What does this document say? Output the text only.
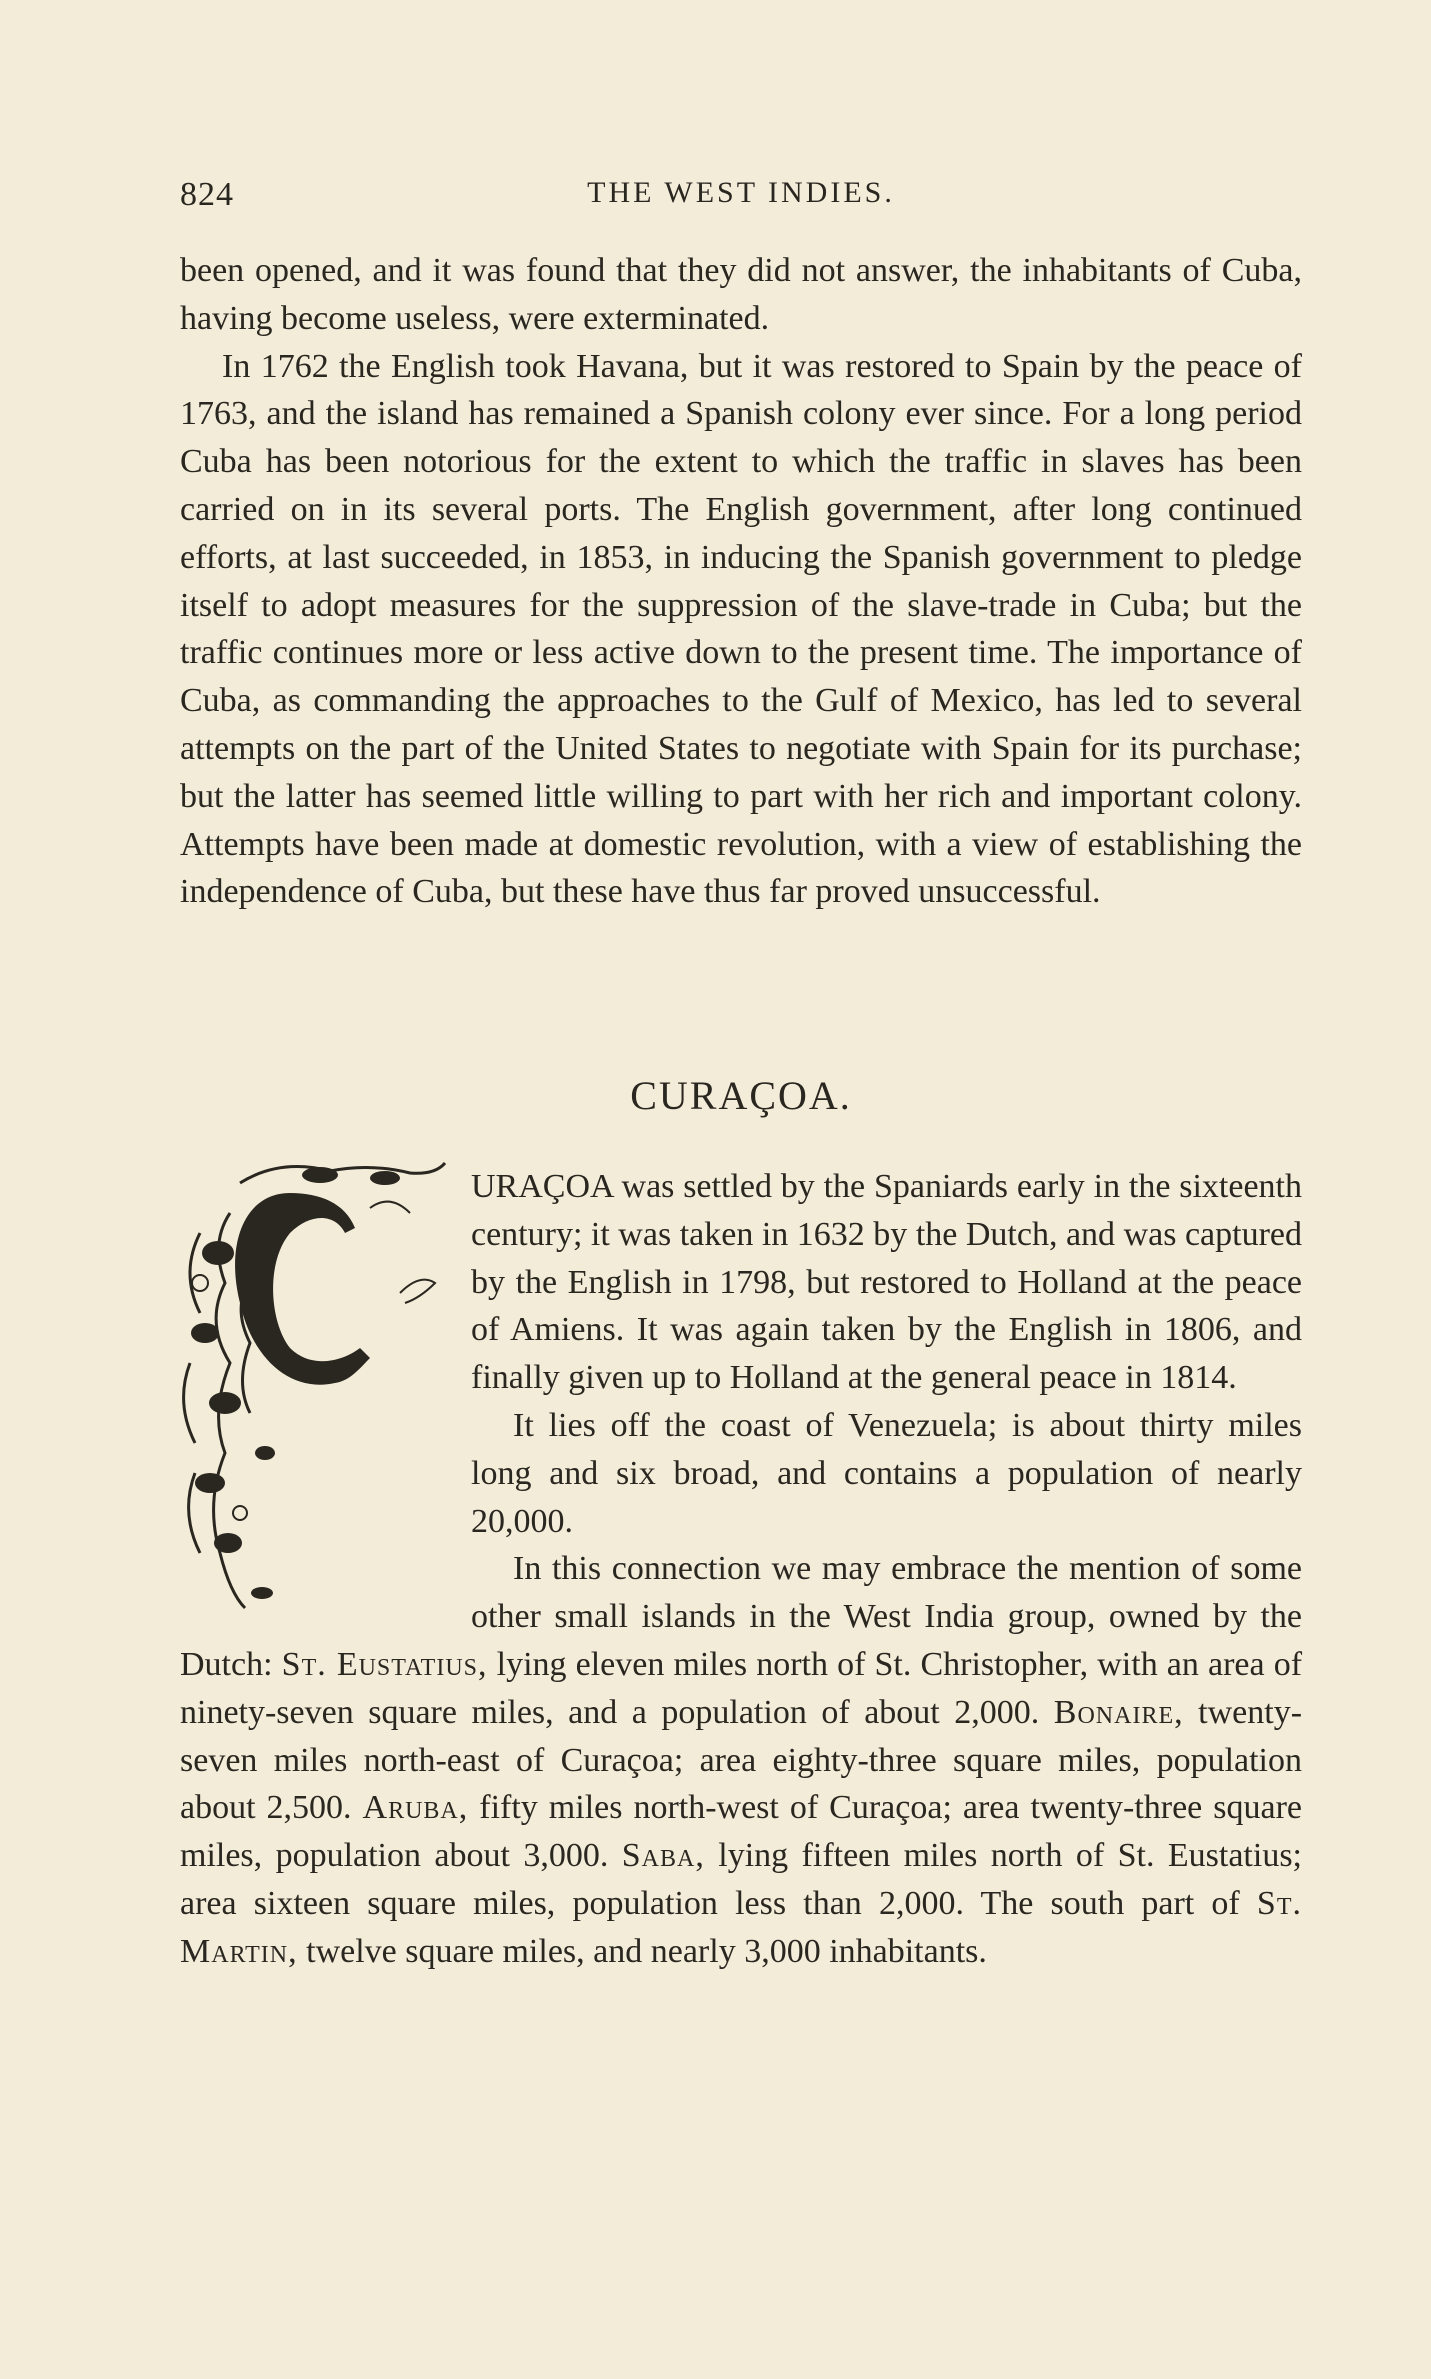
824	THE WEST INDIES.

been opened, and it was found that they did not answer, the inhabitants of Cuba, having become useless, were exterminated.

In 1762 the English took Havana, but it was restored to Spain by the peace of 1763, and the island has remained a Spanish colony ever since. For a long period Cuba has been notorious for the extent to which the traffic in slaves has been carried on in its several ports. The English government, after long continued efforts, at last succeeded, in 1853, in inducing the Spanish government to pledge itself to adopt measures for the suppression of the slave-trade in Cuba; but the traffic continues more or less active down to the present time. The importance of Cuba, as commanding the approaches to the Gulf of Mexico, has led to several attempts on the part of the United States to negotiate with Spain for its purchase; but the latter has seemed little willing to part with her rich and important colony. Attempts have been made at domestic revolution, with a view of establishing the independence of Cuba, but these have thus far proved unsuccessful.

CURAÇOA.

URAÇOA was settled by the Spaniards early in the sixteenth century; it was taken in 1632 by the Dutch, and was captured by the English in 1798, but restored to Holland at the peace of Amiens. It was again taken by the English in 1806, and finally given up to Holland at the general peace in 1814.

It lies off the coast of Venezuela; is about thirty miles long and six broad, and contains a population of nearly 20,000.

In this connection we may embrace the mention of some other small islands in the West India group, owned by the Dutch: St. Eustatius, lying eleven miles north of St. Christopher, with an area of ninety-seven square miles, and a population of about 2,000. Bonaire, twenty-seven miles north-east of Curaçoa; area eighty-three square miles, population about 2,500. Aruba, fifty miles north-west of Curaçoa; area twenty-three square miles, population about 3,000. Saba, lying fifteen miles north of St. Eustatius; area sixteen square miles, population less than 2,000. The south part of St. Martin, twelve square miles, and nearly 3,000 inhabitants.
